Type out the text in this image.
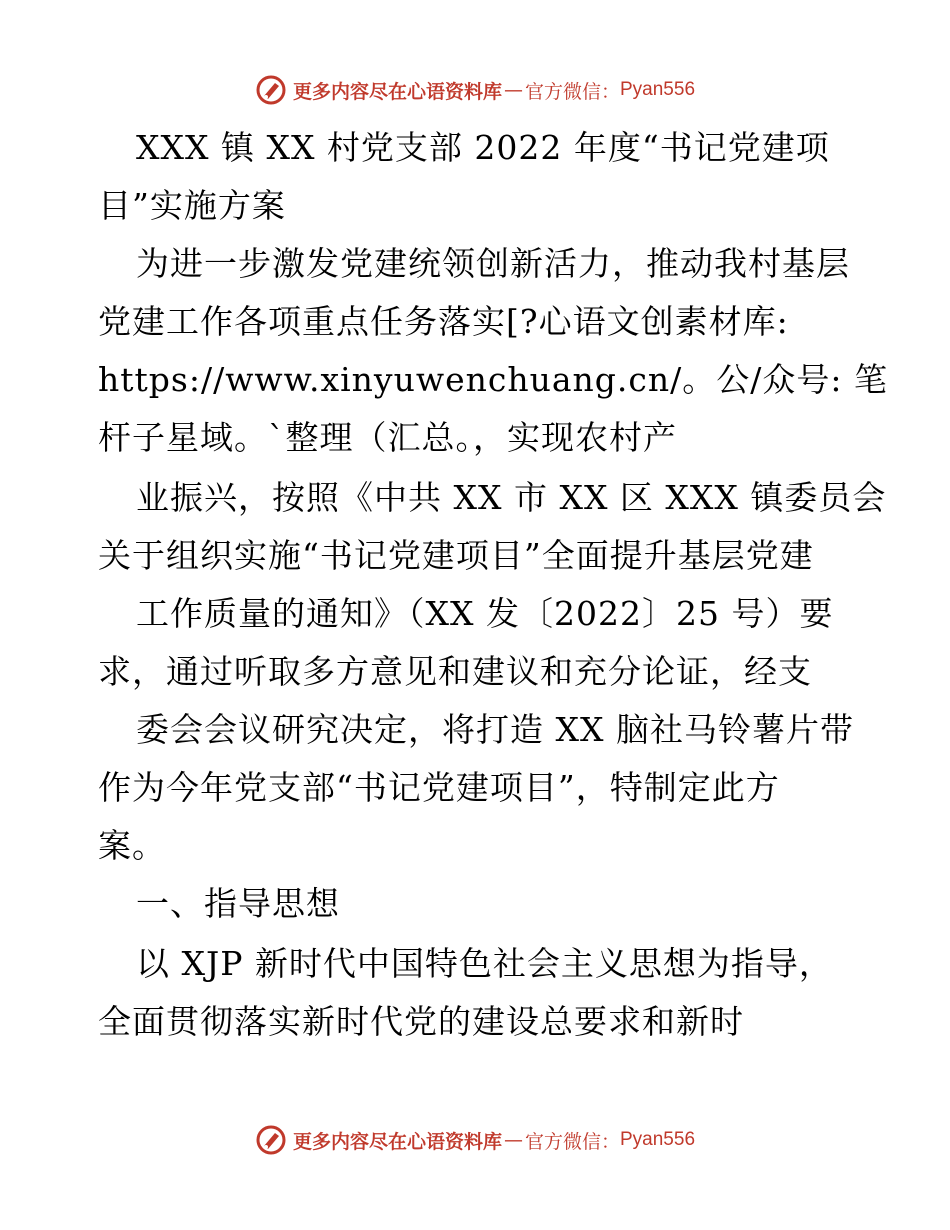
更多内容尽在心语资料库 — 官方微信： Pyan556
XXX 镇 XX 村党支部 2022 年度“书记党建项
目”实施方案
为进一步激发党建统领创新活力，推动我村基层
党建工作各项重点任务落实[?心语文创素材库:
https://www.xinyuwenchuang.cn/。公/众号: 笔
杆子星域。`整理（汇总。，实现农村产
业振兴，按照《中共 XX 市 XX 区 XXX 镇委员会
关于组织实施“书记党建项目”全面提升基层党建
工作质量的通知》（XX 发〔2022〕25 号）要
求，通过听取多方意见和建议和充分论证，经支
委会会议研究决定，将打造 XX 脑社马铃薯片带
作为今年党支部“书记党建项目”，特制定此方
案。
一、指导思想
以 XJP 新时代中国特色社会主义思想为指导，
全面贯彻落实新时代党的建设总要求和新时
更多内容尽在心语资料库 — 官方微信： Pyan556
